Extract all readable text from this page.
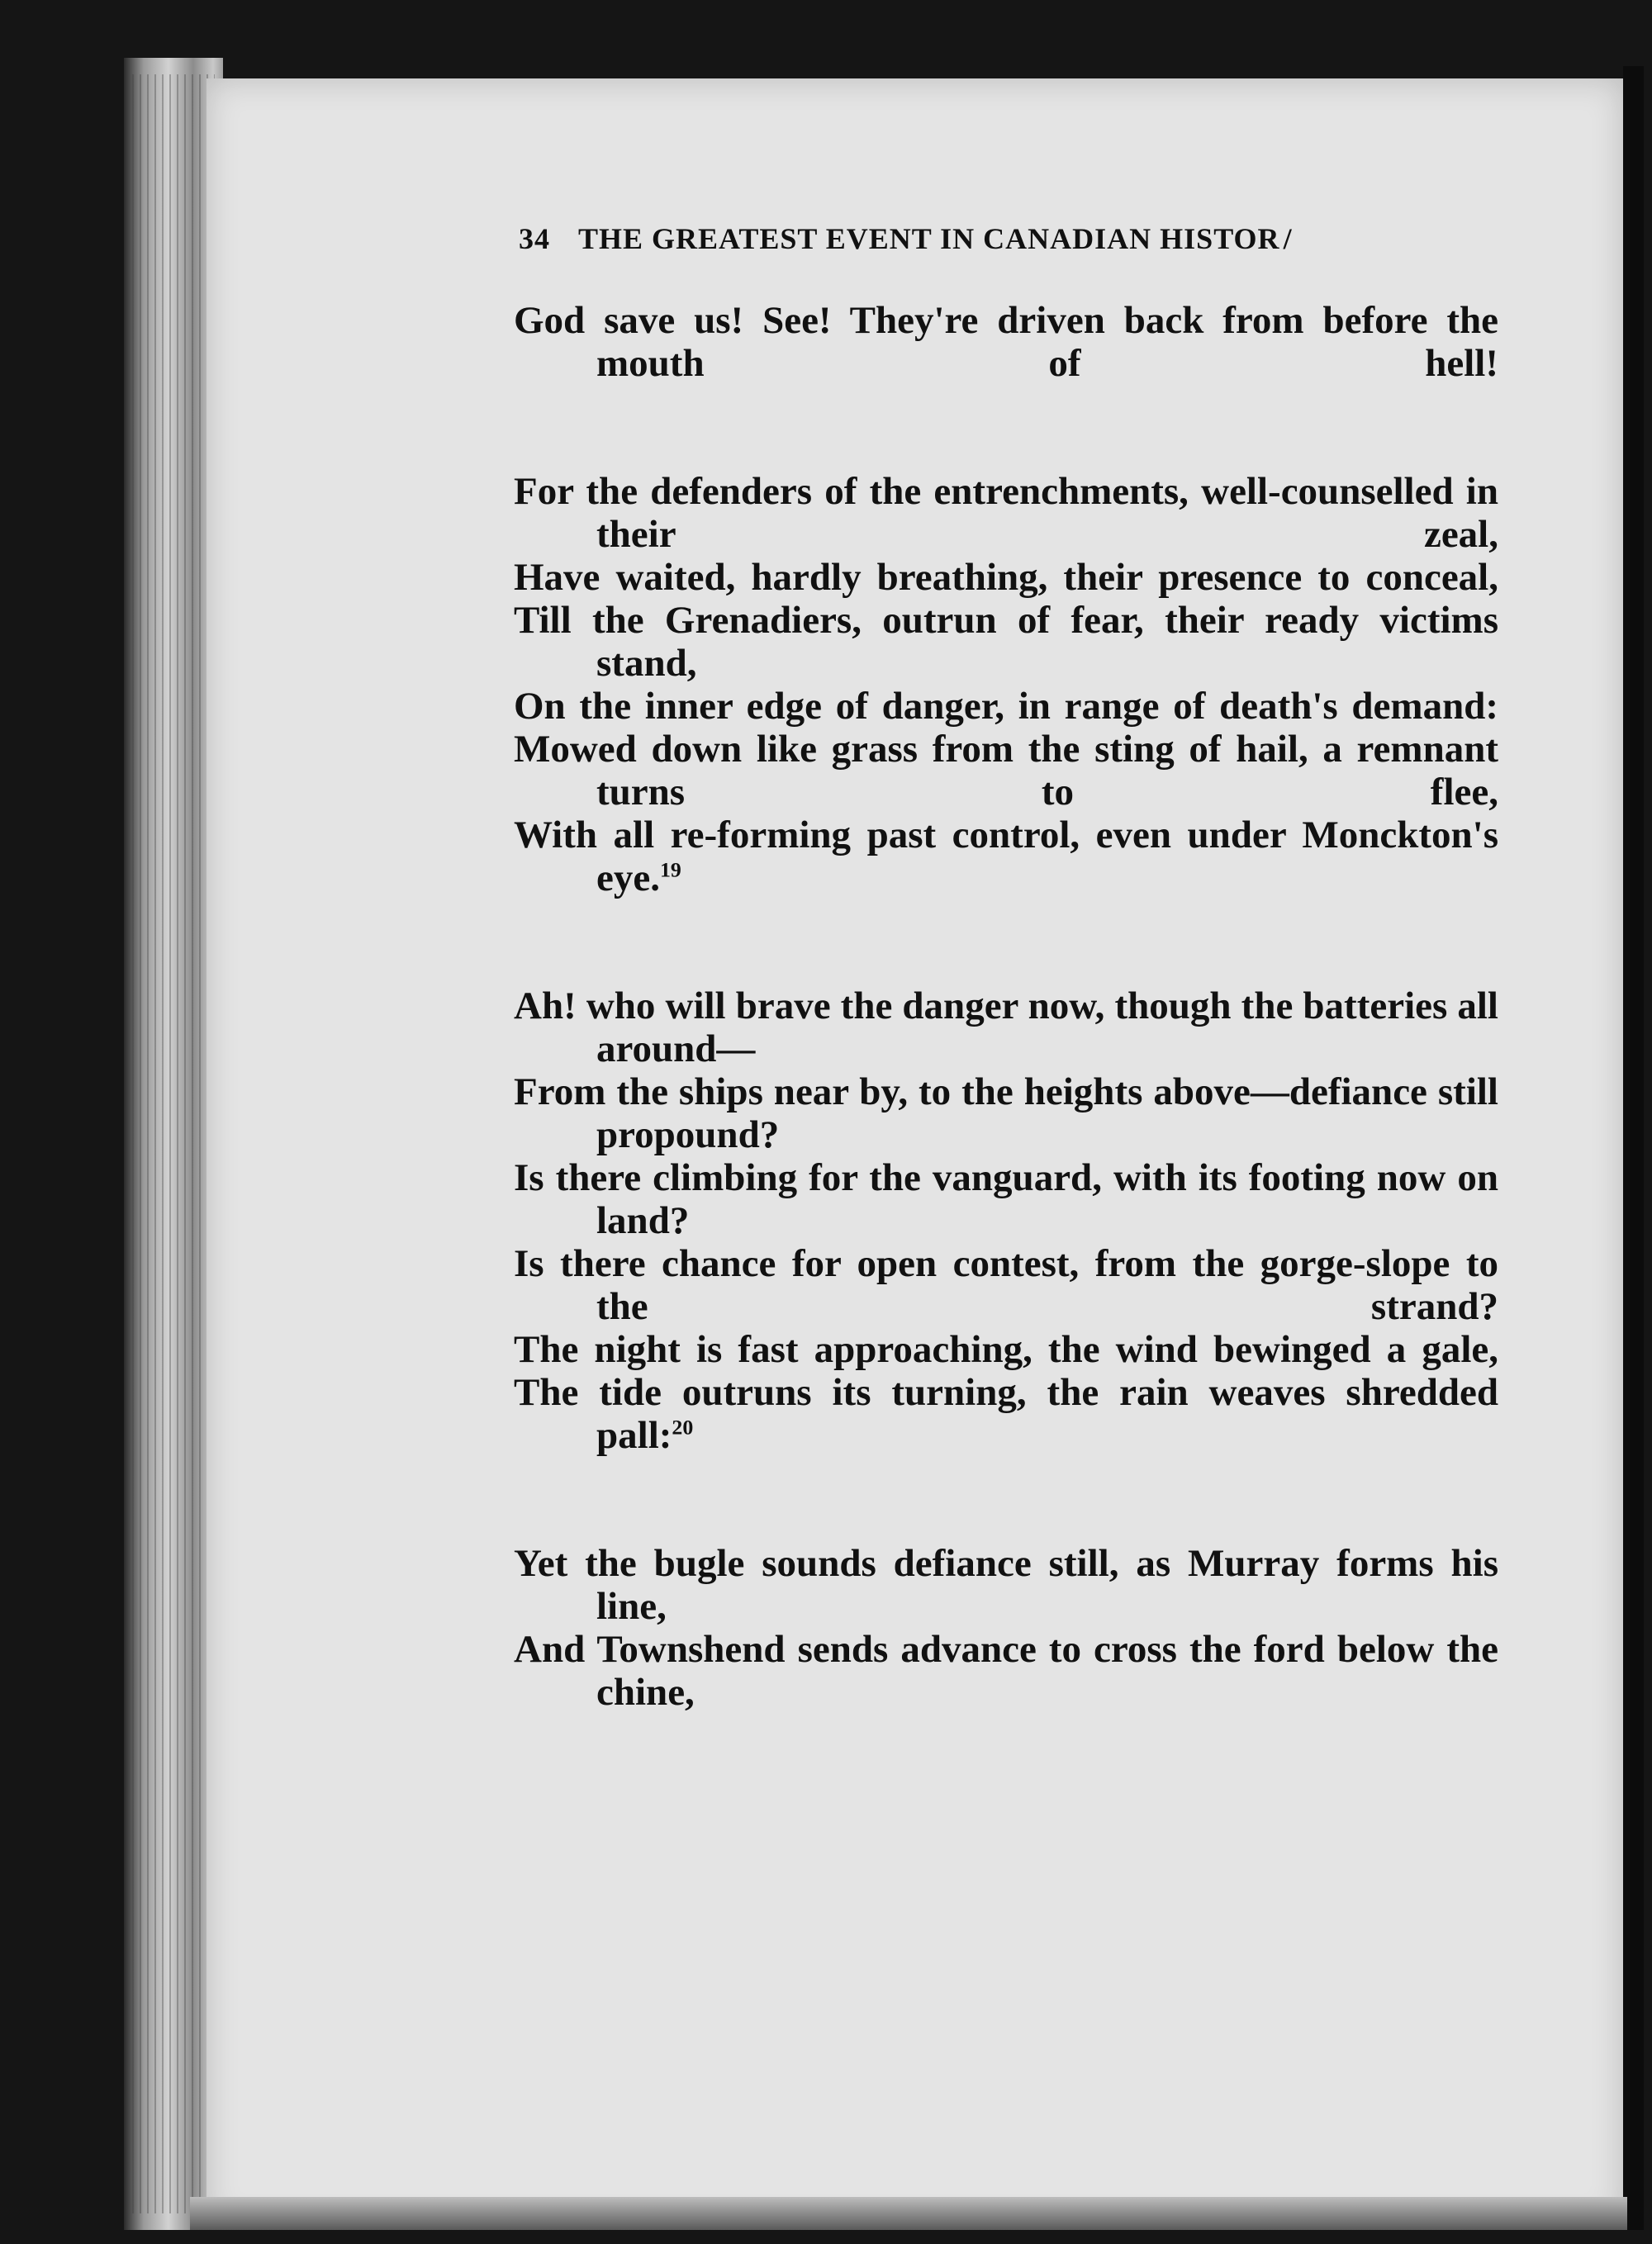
34 THE GREATEST EVENT IN CANADIAN HISTOR /

God save us! See! They're driven back from before the mouth of hell!

For the defenders of the entrenchments, well-counselled in their zeal,

Have waited, hardly breathing, their presence to conceal,

Till the Grenadiers, outrun of fear, their ready victims stand,

On the inner edge of danger, in range of death's demand:

Mowed down like grass from the sting of hail, a remnant turns to flee,

With all re-forming past control, even under Monckton's eye.$^{19}$

Ah! who will brave the danger now, though the batteries all around—

From the ships near by, to the heights above—defiance still propound?

Is there climbing for the vanguard, with its footing now on land?

Is there chance for open contest, from the gorge-slope to the strand?

The night is fast approaching, the wind bewinged a gale,

The tide outruns its turning, the rain weaves shredded pall:$^{20}$

Yet the bugle sounds defiance still, as Murray forms his line,

And Townshend sends advance to cross the ford below the chine,
